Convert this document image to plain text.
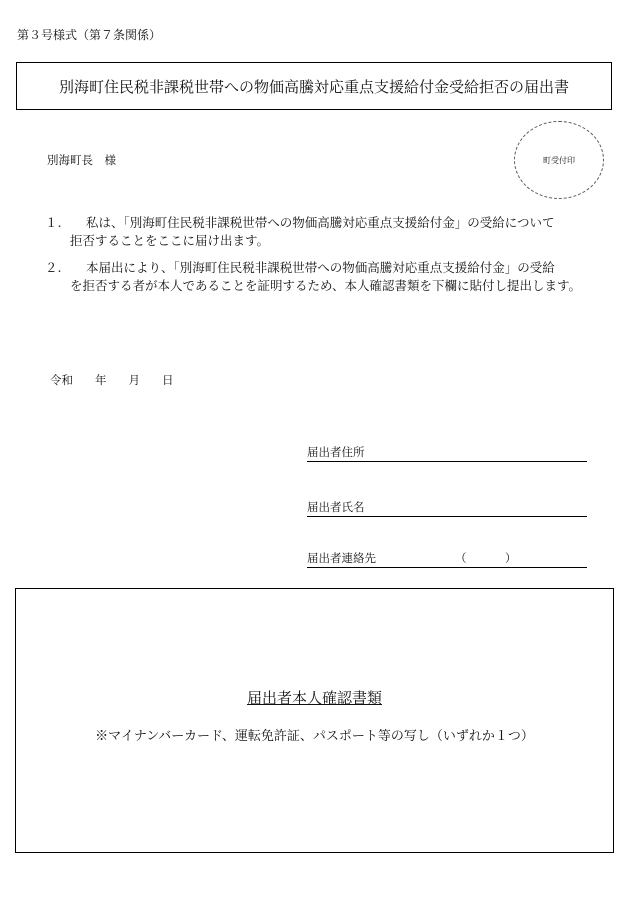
第３号様式（第７条関係）
別海町住民税非課税世帯への物価高騰対応重点支援給付金受給拒否の届出書
別海町長　様	町受付印
１.	私は、「別海町住民税非課税世帯への物価高騰対応重点支援給付金」の受給について
拒否することをここに届け出ます。
２.	本届出により、「別海町住民税非課税世帯への物価高騰対応重点支援給付金」の受給
を拒否する者が本人であることを証明するため、本人確認書類を下欄に貼付し提出します。
令和 年 月 日
届出者住所
届出者氏名
届出者連絡先	（	）
届出者本人確認書類
※マイナンバーカード、運転免許証、パスポート等の写し（いずれか１つ）
